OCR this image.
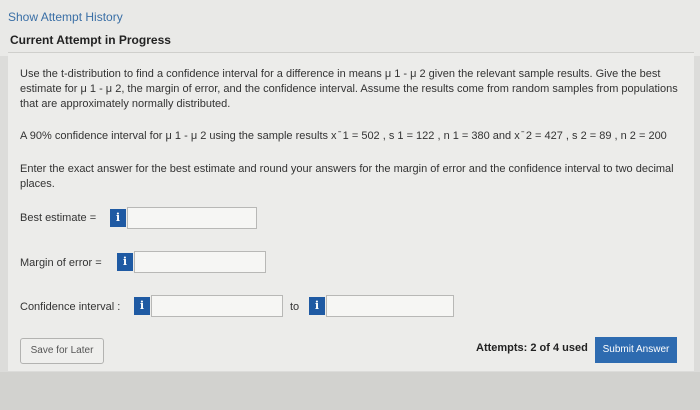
Show Attempt History
Current Attempt in Progress
Use the t-distribution to find a confidence interval for a difference in means μ 1 - μ 2 given the relevant sample results. Give the best estimate for μ 1 - μ 2, the margin of error, and the confidence interval. Assume the results come from random samples from populations that are approximately normally distributed.
A 90% confidence interval for μ 1 - μ 2 using the sample results x ̄ 1 = 502 , s 1 = 122 , n 1 = 380 and x ̄ 2 = 427 , s 2 = 89 , n 2 = 200
Enter the exact answer for the best estimate and round your answers for the margin of error and the confidence interval to two decimal places.
Best estimate =	i
Margin of error =	i
Confidence interval :	i	to	i
Save for Later	Attempts: 2 of 4 used	Submit Answer
